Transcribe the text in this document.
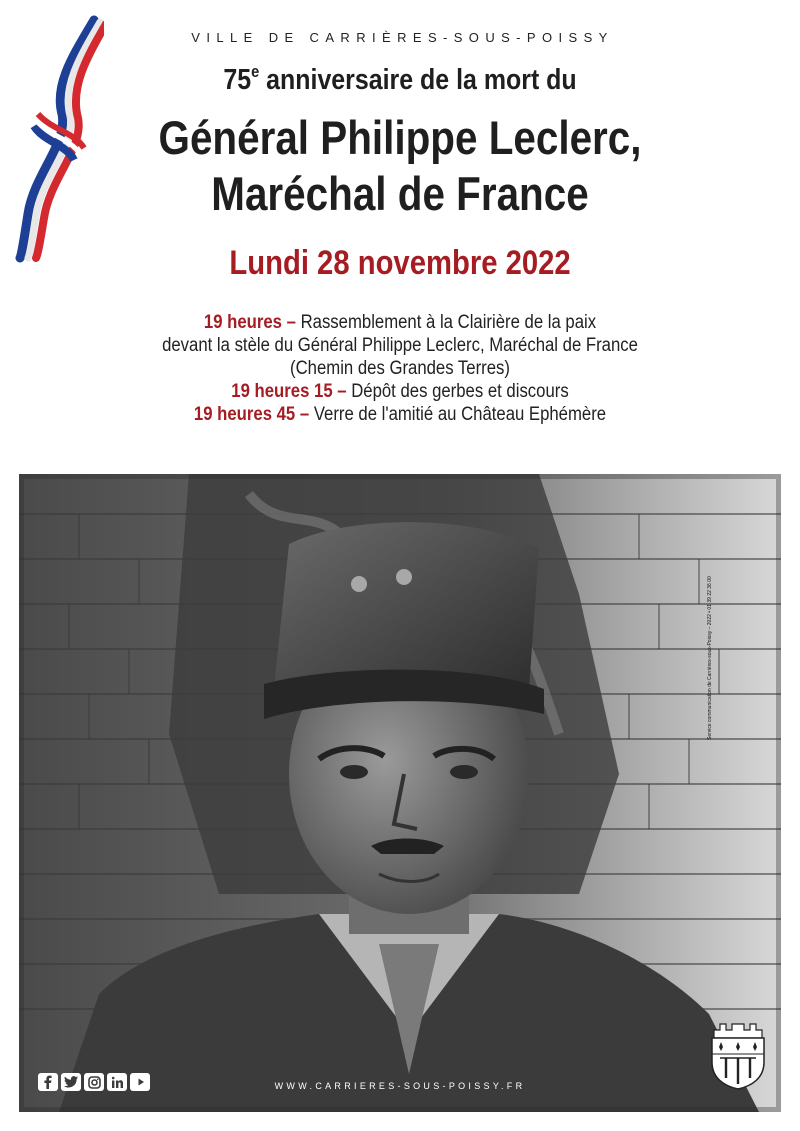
VILLE DE CARRIÈRES-SOUS-POISSY
75e anniversaire de la mort du
Général Philippe Leclerc,
Maréchal de France
Lundi 28 novembre 2022
19 heures – Rassemblement à la Clairière de la paix
devant la stèle du Général Philippe Leclerc, Maréchal de France
(Chemin des Grandes Terres)
19 heures 15 – Dépôt des gerbes et discours
19 heures 45 – Verre de l'amitié au Château Ephémère
Service communication de Carrières-sous-Poissy – 2022 • 01 39 22 36 00
WWW.CARRIERES-SOUS-POISSY.FR
